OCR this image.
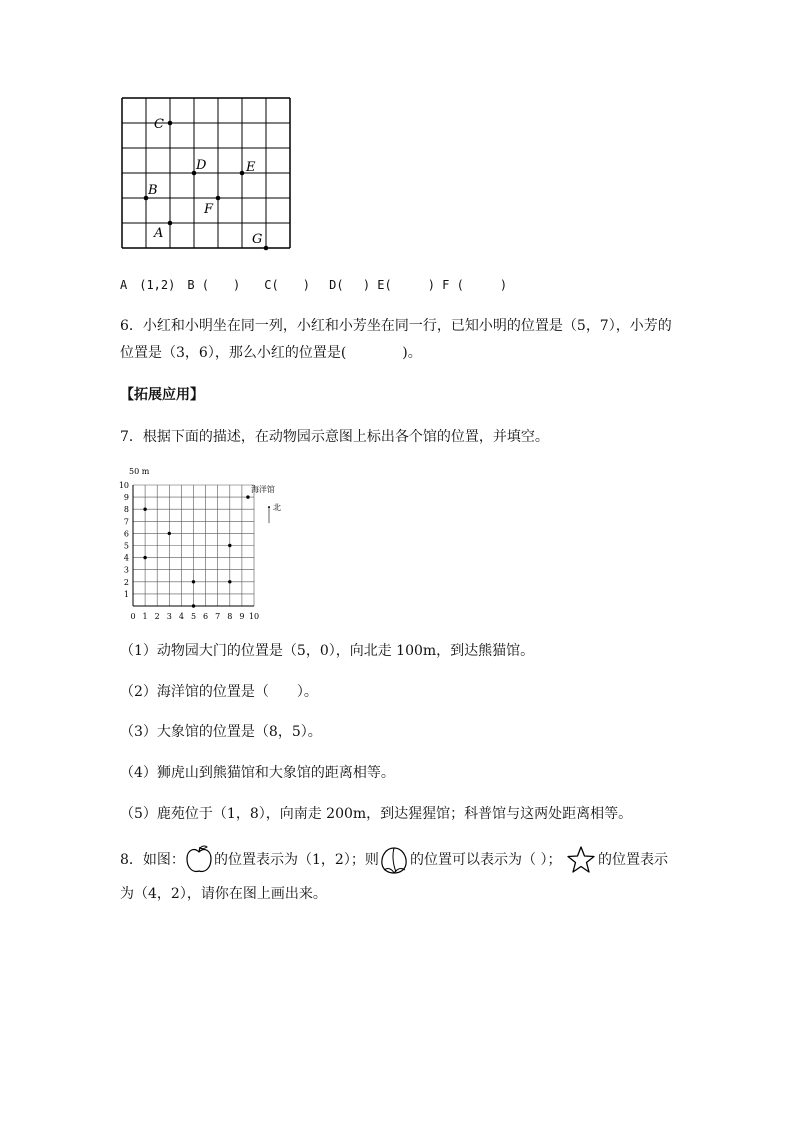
C
D	E
B
F
A	G
A　(1,2)　B (　　)　　C(　　)　 D(　 ) E(　　　) F (　　　)
6．小红和小明坐在同一列，小红和小芳坐在同一行，已知小明的位置是（5，7），小芳的
位置是（3，6），那么小红的位置是(　　　　)。
【拓展应用】
7．根据下面的描述，在动物园示意图上标出各个馆的位置，并填空。
0 1 2 3 4 5 6 7 8 9 10
1
2
3
4
5
6
7
8
9
10
50 m
海洋馆
北
（1）动物园大门的位置是（5，0），向北走 100m，到达熊猫馆。
（2）海洋馆的位置是（　　）。
（3）大象馆的位置是（8，5）。
（4）狮虎山到熊猫馆和大象馆的距离相等。
（5）鹿苑位于（1，8），向南走 200m，到达猩猩馆；科普馆与这两处距离相等。
8．如图： 的位置表示为（1，2）；则 的位置可以表示为（ ）；	的位置表示
为（4，2），请你在图上画出来。
